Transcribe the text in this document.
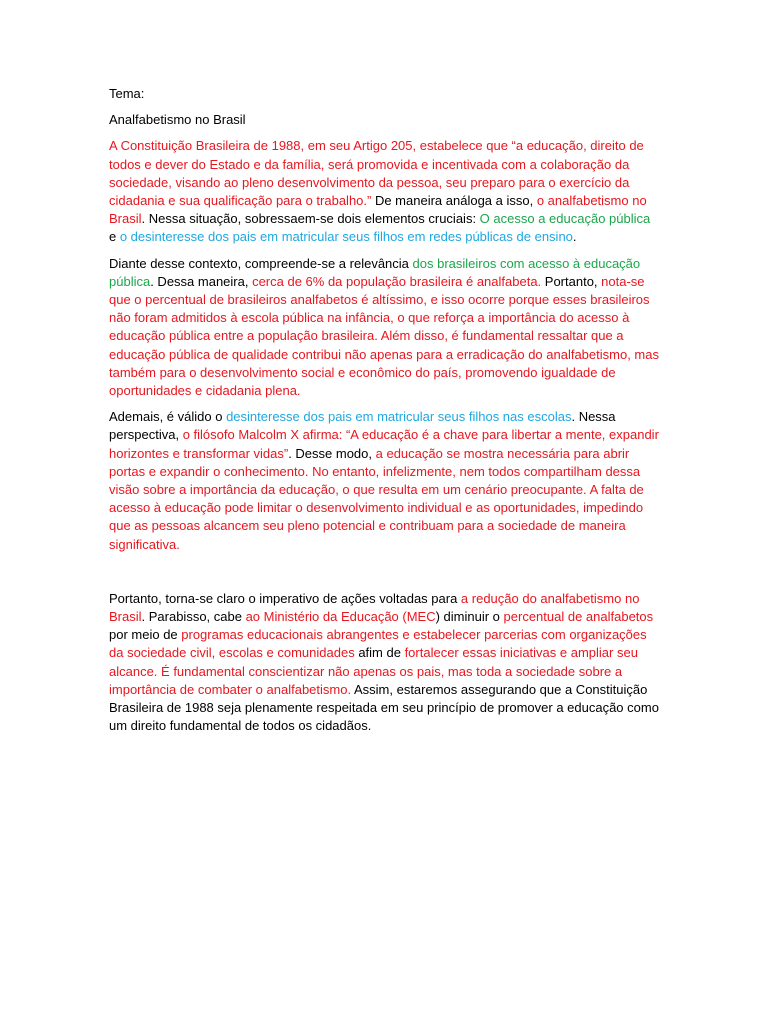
Tema:

Analfabetismo no Brasil

A Constituição Brasileira de 1988, em seu Artigo 205, estabelece que “a educação, direito de todos e dever do Estado e da família, será promovida e incentivada com a colaboração da sociedade, visando ao pleno desenvolvimento da pessoa, seu preparo para o exercício da cidadania e sua qualificação para o trabalho.” De maneira análoga a isso, o analfabetismo no Brasil. Nessa situação, sobressaem-se dois elementos cruciais: O acesso a educação pública e o desinteresse dos pais em matricular seus filhos em redes públicas de ensino.

Diante desse contexto, compreende-se a relevância dos brasileiros com acesso à educação pública. Dessa maneira, cerca de 6% da população brasileira é analfabeta. Portanto, nota-se que o percentual de brasileiros analfabetos é altíssimo, e isso ocorre porque esses brasileiros não foram admitidos à escola pública na infância, o que reforça a importância do acesso à educação pública entre a população brasileira. Além disso, é fundamental ressaltar que a educação pública de qualidade contribui não apenas para a erradicação do analfabetismo, mas também para o desenvolvimento social e econômico do país, promovendo igualdade de oportunidades e cidadania plena.

Ademais, é válido o desinteresse dos pais em matricular seus filhos nas escolas. Nessa perspectiva, o filósofo Malcolm X afirma: “A educação é a chave para libertar a mente, expandir horizontes e transformar vidas”. Desse modo, a educação se mostra necessária para abrir portas e expandir o conhecimento. No entanto, infelizmente, nem todos compartilham dessa visão sobre a importância da educação, o que resulta em um cenário preocupante. A falta de acesso à educação pode limitar o desenvolvimento individual e as oportunidades, impedindo que as pessoas alcancem seu pleno potencial e contribuam para a sociedade de maneira significativa.

Portanto, torna-se claro o imperativo de ações voltadas para a redução do analfabetismo no Brasil. Parabisso, cabe ao Ministério da Educação (MEC) diminuir o percentual de analfabetos por meio de programas educacionais abrangentes e estabelecer parcerias com organizações da sociedade civil, escolas e comunidades afim de fortalecer essas iniciativas e ampliar seu alcance. É fundamental conscientizar não apenas os pais, mas toda a sociedade sobre a importância de combater o analfabetismo. Assim, estaremos assegurando que a Constituição Brasileira de 1988 seja plenamente respeitada em seu princípio de promover a educação como um direito fundamental de todos os cidadãos.
